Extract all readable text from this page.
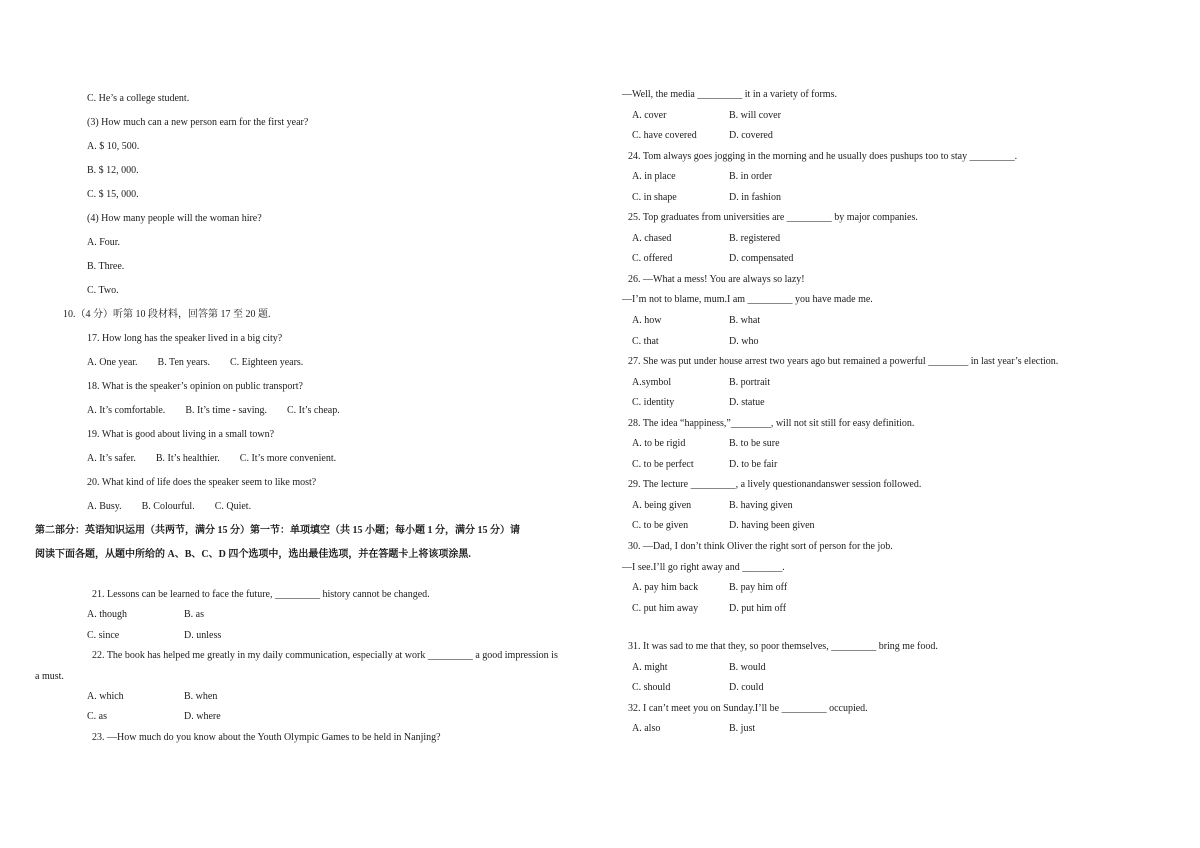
C. He’s a college student.
(3) How much can a new person earn for the first year?
A. $ 10, 500.
B. $ 12, 000.
C. $ 15, 000.
(4) How many people will the woman hire?
A. Four.
B. Three.
C. Two.
10.（4 分）听第 10 段材料，回答第 17 至 20 题.
17. How long has the speaker lived in a big city?
A. One year. B. Ten years. C. Eighteen years.
18. What is the speaker’s opinion on public transport?
A. It’s comfortable. B. It’s time - saving. C. It’s cheap.
19. What is good about living in a small town?
A. It’s safer. B. It’s healthier. C. It’s more convenient.
20. What kind of life does the speaker seem to like most?
A. Busy. B. Colourful. C. Quiet.
第二部分：英语知识运用（共两节，满分 15 分）第一节：单项填空（共 15 小题；每小题 1 分，满分 15 分）请
阅读下面各题，从题中所给的 A、B、C、D 四个选项中，选出最佳选项，并在答题卡上将该项涂黑.
21. Lessons can be learned to face the future, _________ history cannot be changed.
A. though	B. as
C. since	D. unless
22. The book has helped me greatly in my daily communication, especially at work _________ a good impression is
a must.
A. which	B. when
C. as	D. where
23. —How much do you know about the Youth Olympic Games to be held in Nanjing?
—Well, the media _________ it in a variety of forms.
A. cover	B. will cover
C. have covered	D. covered
24. Tom always goes jogging in the morning and he usually does pushups too to stay _________.
A. in place	B. in order
C. in shape	D. in fashion
25. Top graduates from universities are _________ by major companies.
A. chased	B. registered
C. offered	D. compensated
26. —What a mess! You are always so lazy!
—I’m not to blame, mum.I am _________ you have made me.
A. how	B. what
C. that	D. who
27. She was put under house arrest two years ago but remained a powerful ________ in last year’s election.
A.symbol	B. portrait
C. identity	D. statue
28. The idea “happiness,”________, will not sit still for easy definition.
A. to be rigid	B. to be sure
C. to be perfect	D. to be fair
29. The lecture _________, a lively questionandanswer session followed.
A. being given	B. having given
C. to be given	D. having been given
30. —Dad, I don’t think Oliver the right sort of person for the job.
—I see.I’ll go right away and ________.
A. pay him back	B. pay him off
C. put him away	D. put him off
31. It was sad to me that they, so poor themselves, _________ bring me food.
A. might	B. would
C. should	D. could
32. I can’t meet you on Sunday.I’ll be _________ occupied.
A. also	B. just
